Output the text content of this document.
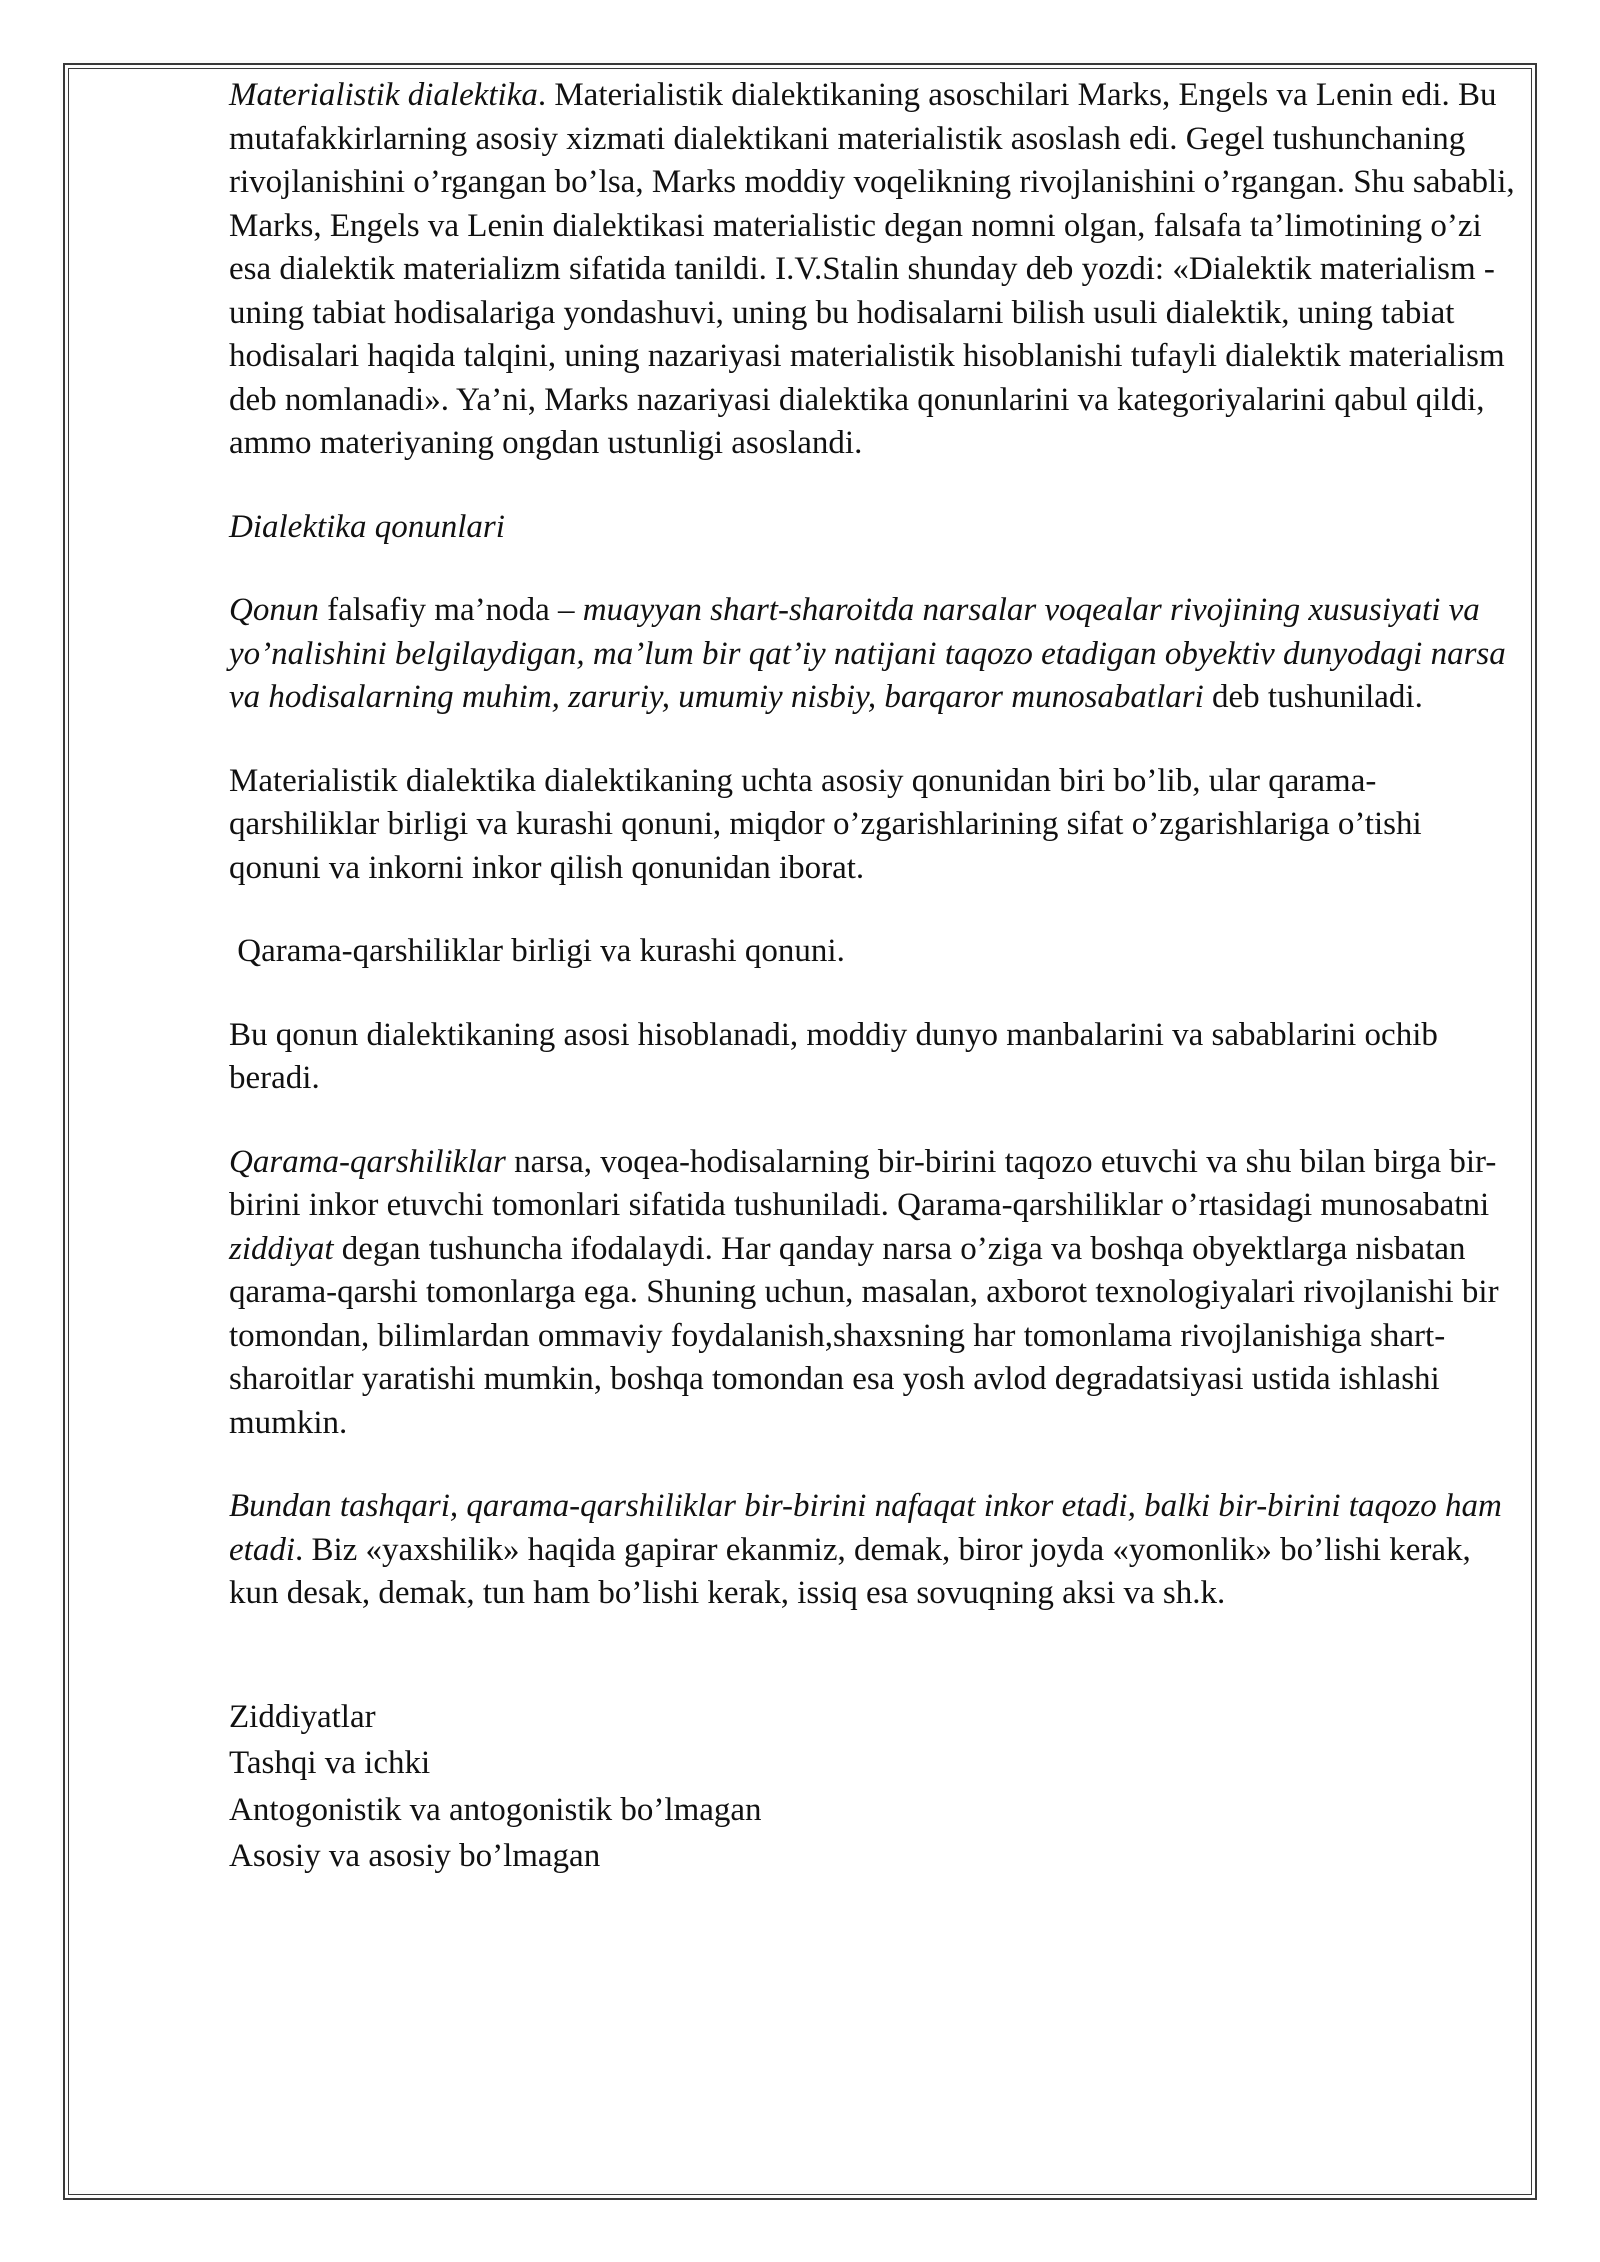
Materialistik dialektika. Materialistik dialektikaning asoschilari Marks, Engels va Lenin edi. Bu mutafakkirlarning asosiy xizmati dialektikani materialistik asoslash edi. Gegel tushunchaning rivojlanishini o’rgangan bo’lsa, Marks moddiy voqelikning rivojlanishini o’rgangan. Shu sababli, Marks, Engels va Lenin dialektikasi materialistic degan nomni olgan, falsafa ta’limotining o’zi esa dialektik materializm sifatida tanildi. I.V.Stalin shunday deb yozdi: «Dialektik materialism - uning tabiat hodisalariga yondashuvi, uning bu hodisalarni bilish usuli dialektik, uning tabiat hodisalari haqida talqini, uning nazariyasi materialistik hisoblanishi tufayli dialektik materialism deb nomlanadi». Ya’ni, Marks nazariyasi dialektika qonunlarini va kategoriyalarini qabul qildi, ammo materiyaning ongdan ustunligi asoslandi.

Dialektika qonunlari

Qonun falsafiy ma’noda – muayyan shart-sharoitda narsalar voqealar rivojining xususiyati va yo’nalishini belgilaydigan, ma’lum bir qat’iy natijani taqozo etadigan obyektiv dunyodagi narsa va hodisalarning muhim, zaruriy, umumiy nisbiy, barqaror munosabatlari deb tushuniladi.

Materialistik dialektika dialektikaning uchta asosiy qonunidan biri bo’lib, ular qarama-qarshiliklar birligi va kurashi qonuni, miqdor o’zgarishlarining sifat o’zgarishlariga o’tishi qonuni va inkorni inkor qilish qonunidan iborat.

Qarama-qarshiliklar birligi va kurashi qonuni.

Bu qonun dialektikaning asosi hisoblanadi, moddiy dunyo manbalarini va sabablarini ochib beradi.

Qarama-qarshiliklar narsa, voqea-hodisalarning bir-birini taqozo etuvchi va shu bilan birga bir-birini inkor etuvchi tomonlari sifatida tushuniladi. Qarama-qarshiliklar o’rtasidagi munosabatni ziddiyat degan tushuncha ifodalaydi. Har qanday narsa o’ziga va boshqa obyektlarga nisbatan qarama-qarshi tomonlarga ega. Shuning uchun, masalan, axborot texnologiyalari rivojlanishi bir tomondan, bilimlardan ommaviy foydalanish,shaxsning har tomonlama rivojlanishiga shart-sharoitlar yaratishi mumkin, boshqa tomondan esa yosh avlod degradatsiyasi ustida ishlashi mumkin.

Bundan tashqari, qarama-qarshiliklar bir-birini nafaqat inkor etadi, balki bir-birini taqozo ham etadi. Biz «yaxshilik» haqida gapirar ekanmiz, demak, biror joyda «yomonlik» bo’lishi kerak, kun desak, demak, tun ham bo’lishi kerak, issiq esa sovuqning aksi va sh.k.

Ziddiyatlar
Tashqi va ichki
Antogonistik va antogonistik bo’lmagan
Asosiy va asosiy bo’lmagan
